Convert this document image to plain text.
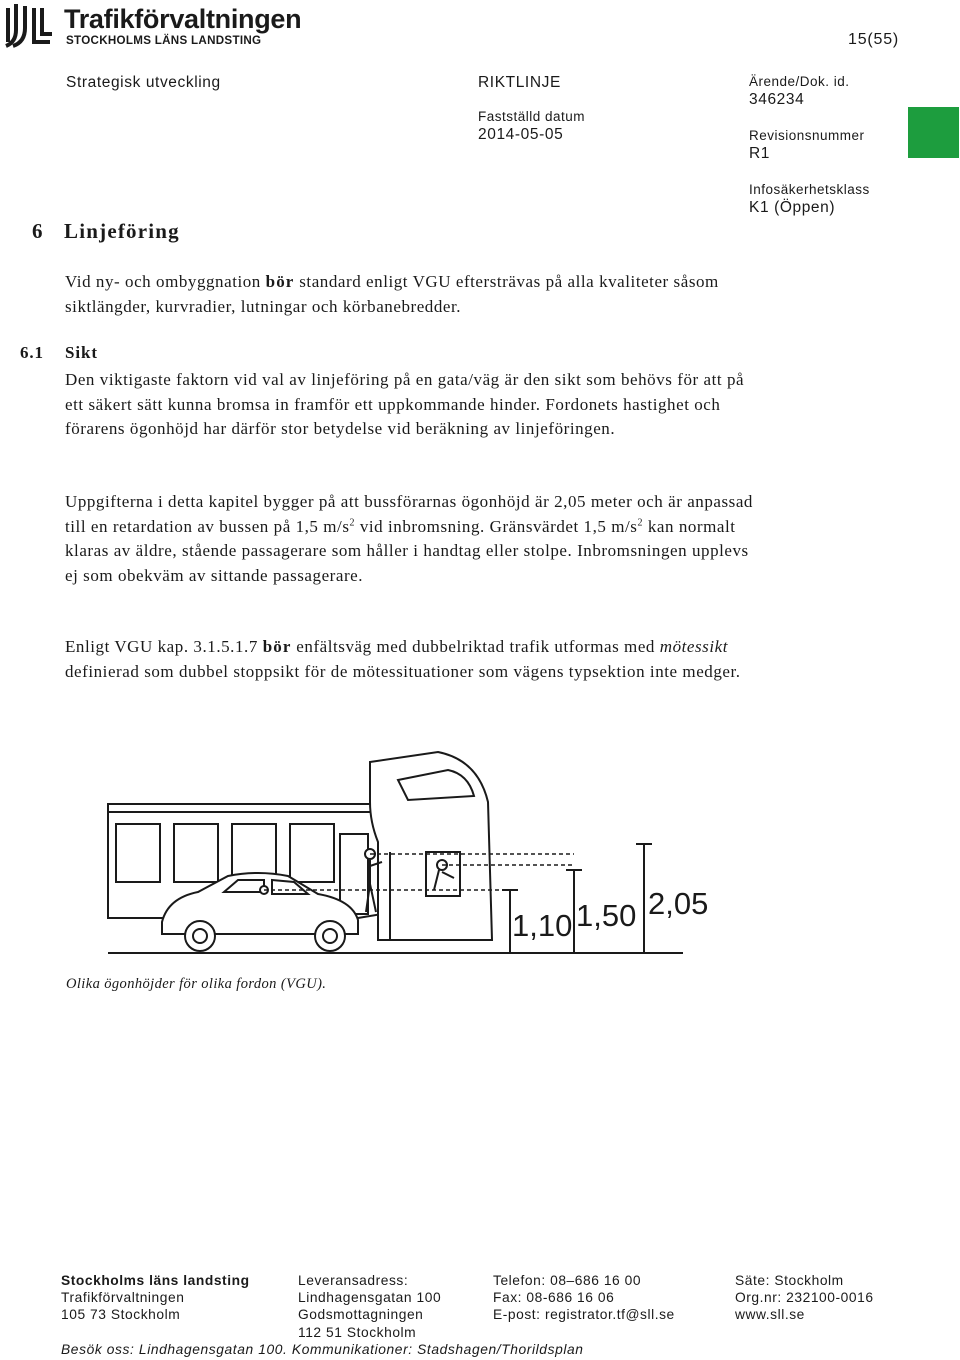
Trafikförvaltningen
STOCKHOLMS LÄNS LANDSTING	15(55)
Strategisk utveckling	RIKTLINJE
Fastställd datum
2014-05-05
Ärende/Dok. id.
346234
Revisionsnummer
R1
Infosäkerhetsklass
K1 (Öppen)
6 Linjeföring
Vid ny- och ombyggnation bör standard enligt VGU eftersträvas på alla kvaliteter såsom siktlängder, kurvradier, lutningar och körbanebredder.
6.1 Sikt
Den viktigaste faktorn vid val av linjeföring på en gata/väg är den sikt som behövs för att på ett säkert sätt kunna bromsa in framför ett uppkommande hinder. Fordonets hastighet och förarens ögonhöjd har därför stor betydelse vid beräkning av linjeföringen.
Uppgifterna i detta kapitel bygger på att bussförarnas ögonhöjd är 2,05 meter och är anpassad till en retardation av bussen på 1,5 $m/s^2$ vid inbromsning. Gränsvärdet 1,5 $m/s^2$ kan normalt klaras av äldre, stående passagerare som håller i handtag eller stolpe. Inbromsningen upplevs ej som obekväm av sittande passagerare.
Enligt VGU kap. 3.1.5.1.7 bör enfältsväg med dubbelriktad trafik utformas med mötessikt definierad som dubbel stoppsikt för de mötessituationer som vägens typsektion inte medger.
1,10 1,50 2,05
Olika ögonhöjder för olika fordon (VGU).
Stockholms läns landsting
Trafikförvaltningen
105 73 Stockholm
Leveransadress:
Lindhagensgatan 100
Godsmottagningen
112 51 Stockholm
Telefon: 08–686 16 00
Fax: 08-686 16 06
E-post: registrator.tf@sll.se
Säte: Stockholm
Org.nr: 232100-0016
www.sll.se
Besök oss: Lindhagensgatan 100. Kommunikationer: Stadshagen/Thorildsplan
